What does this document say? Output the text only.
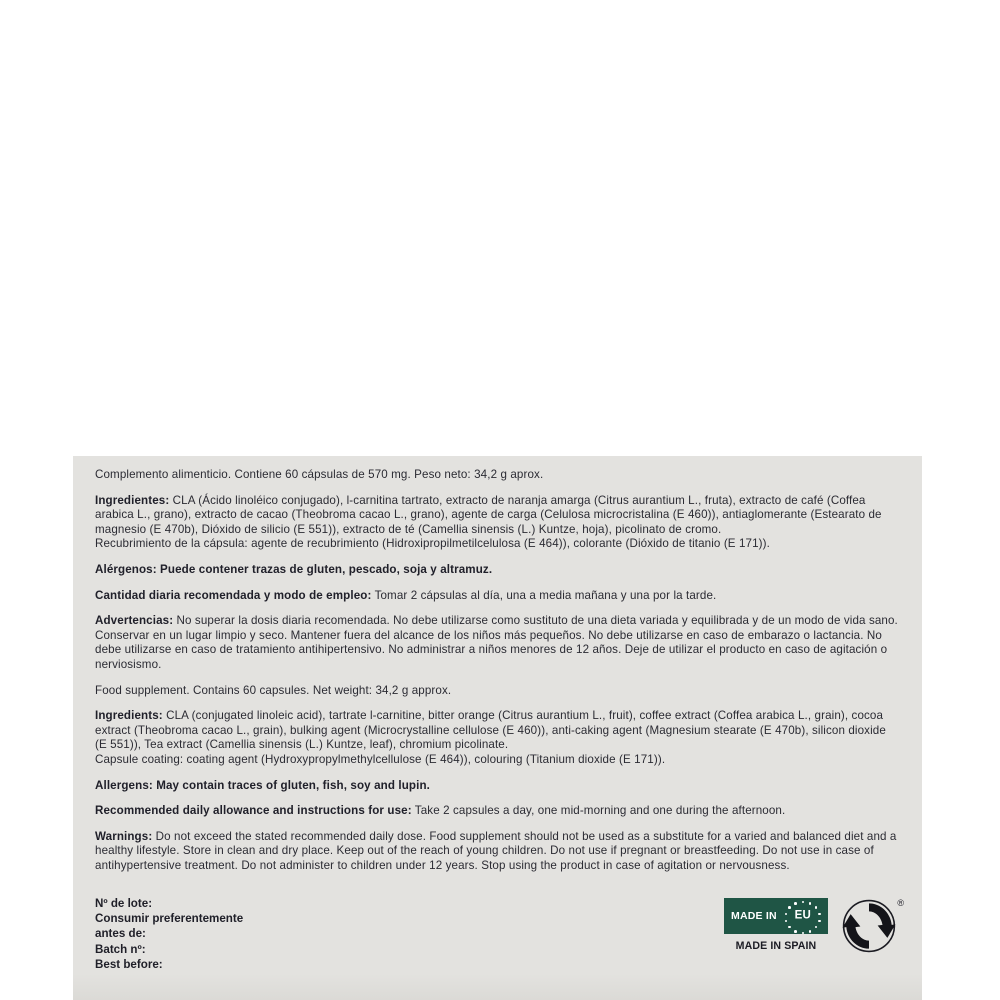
Complemento alimenticio. Contiene 60 cápsulas de 570 mg. Peso neto: 34,2 g aprox.

Ingredientes: CLA (Ácido linoléico conjugado), l-carnitina tartrato, extracto de naranja amarga (Citrus aurantium L., fruta), extracto de café (Coffea arabica L., grano), extracto de cacao (Theobroma cacao L., grano), agente de carga (Celulosa microcristalina (E 460)), antiaglomerante (Estearato de magnesio (E 470b), Dióxido de silicio (E 551)), extracto de té (Camellia sinensis (L.) Kuntze, hoja), picolinato de cromo.
Recubrimiento de la cápsula: agente de recubrimiento (Hidroxipropilmetilcelulosa (E 464)), colorante (Dióxido de titanio (E 171)).

Alérgenos: Puede contener trazas de gluten, pescado, soja y altramuz.

Cantidad diaria recomendada y modo de empleo: Tomar 2 cápsulas al día, una a media mañana y una por la tarde.

Advertencias: No superar la dosis diaria recomendada. No debe utilizarse como sustituto de una dieta variada y equilibrada y de un modo de vida sano. Conservar en un lugar limpio y seco. Mantener fuera del alcance de los niños más pequeños. No debe utilizarse en caso de embarazo o lactancia. No debe utilizarse en caso de tratamiento antihipertensivo. No administrar a niños menores de 12 años. Deje de utilizar el producto en caso de agitación o nerviosismo.

Food supplement. Contains 60 capsules. Net weight: 34,2 g approx.

Ingredients: CLA (conjugated linoleic acid), tartrate l-carnitine, bitter orange (Citrus aurantium L., fruit), coffee extract (Coffea arabica L., grain), cocoa extract (Theobroma cacao L., grain), bulking agent (Microcrystalline cellulose (E 460)), anti-caking agent (Magnesium stearate (E 470b), silicon dioxide (E 551)), Tea extract (Camellia sinensis (L.) Kuntze, leaf), chromium picolinate.
Capsule coating: coating agent (Hydroxypropylmethylcellulose (E 464)), colouring (Titanium dioxide (E 171)).

Allergens: May contain traces of gluten, fish, soy and lupin.

Recommended daily allowance and instructions for use: Take 2 capsules a day, one mid-morning and one during the afternoon.

Warnings: Do not exceed the stated recommended daily dose. Food supplement should not be used as a substitute for a varied and balanced diet and a healthy lifestyle. Store in clean and dry place. Keep out of the reach of young children. Do not use if pregnant or breastfeeding. Do not use in case of antihypertensive treatment. Do not administer to children under 12 years. Stop using the product in case of agitation or nervousness.

Nº de lote:
Consumir preferentemente
antes de:
Batch nº:
Best before:
MADE IN EU
MADE IN SPAIN
®
